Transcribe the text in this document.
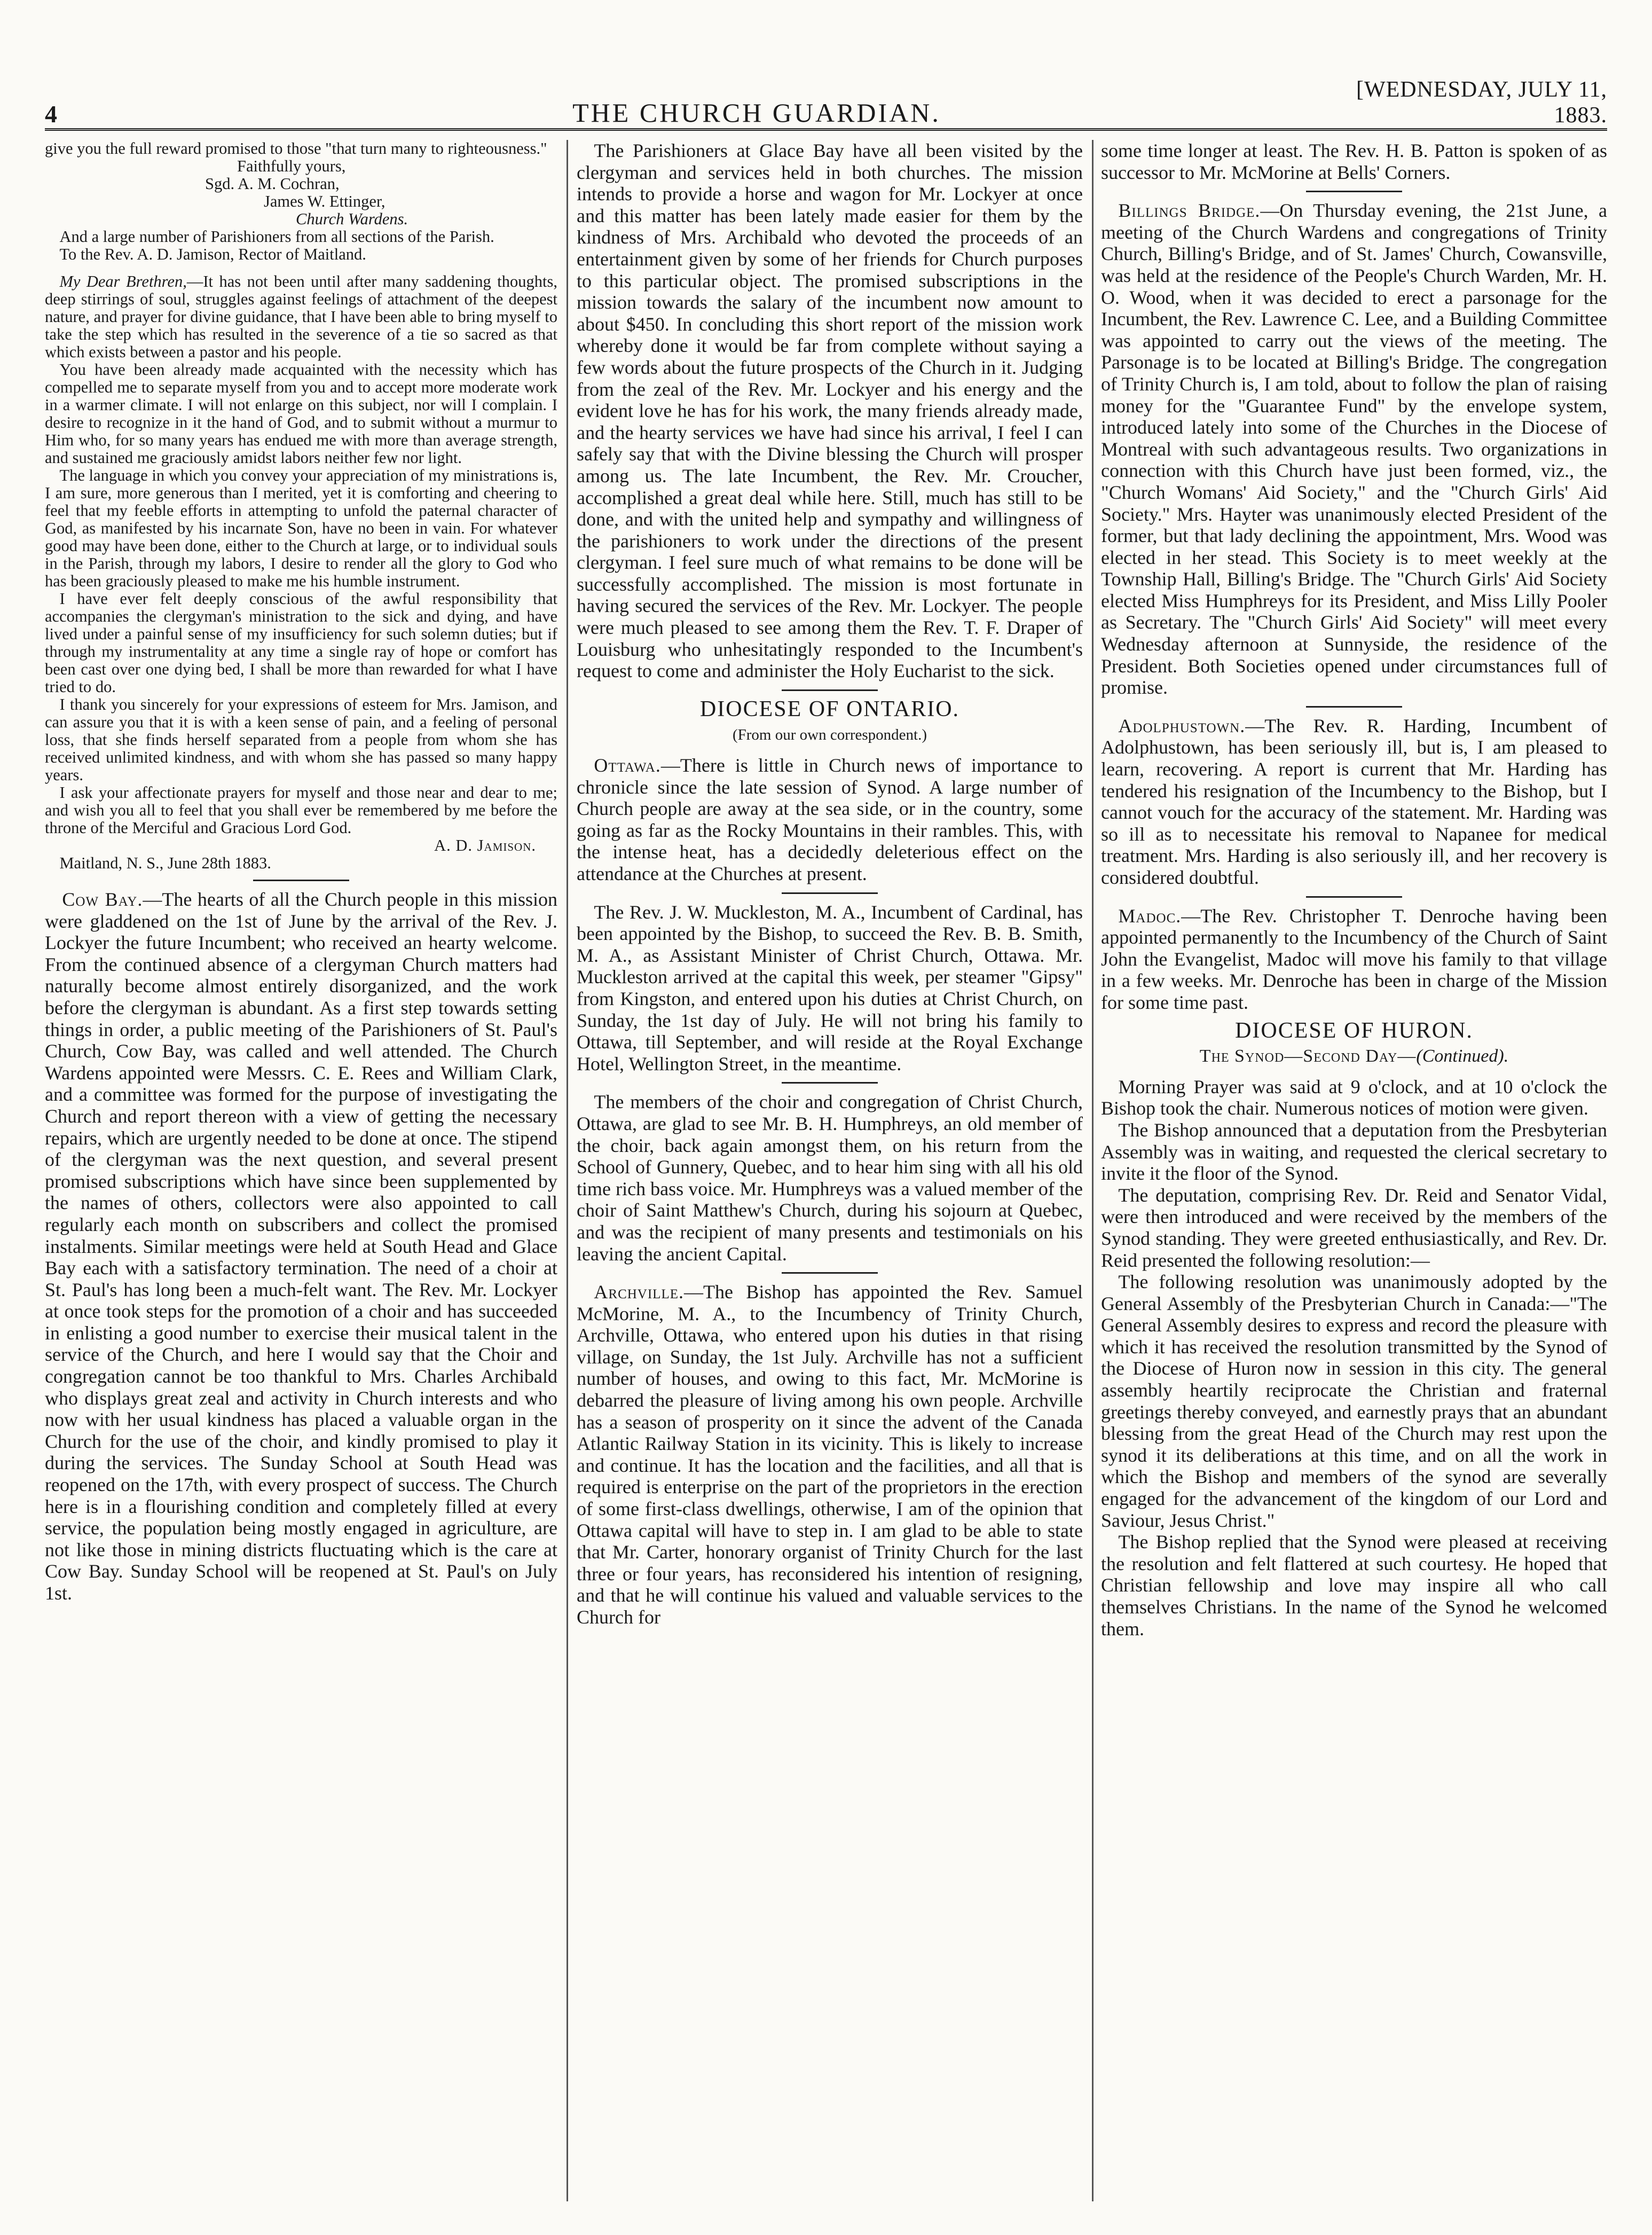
4	THE CHURCH GUARDIAN.
[WEDNESDAY, JULY 11, 1883.

give you the full reward promised to those "that turn many to righteousness."

Faithfully yours,

Sgd. A. M. Cochran,

James W. Ettinger,

Church Wardens.

And a large number of Parishioners from all sections of the Parish.

To the Rev. A. D. Jamison, Rector of Maitland.

My Dear Brethren,—It has not been until after many saddening thoughts, deep stirrings of soul, struggles against feelings of attachment of the deepest nature, and prayer for divine guidance, that I have been able to bring myself to take the step which has resulted in the severence of a tie so sacred as that which exists between a pastor and his people.

You have been already made acquainted with the necessity which has compelled me to separate myself from you and to accept more moderate work in a warmer climate. I will not enlarge on this subject, nor will I complain. I desire to recognize in it the hand of God, and to submit without a murmur to Him who, for so many years has endued me with more than average strength, and sustained me graciously amidst labors neither few nor light.

The language in which you convey your appreciation of my ministrations is, I am sure, more generous than I merited, yet it is comforting and cheering to feel that my feeble efforts in attempting to unfold the paternal character of God, as manifested by his incarnate Son, have no been in vain. For whatever good may have been done, either to the Church at large, or to individual souls in the Parish, through my labors, I desire to render all the glory to God who has been graciously pleased to make me his humble instrument.

I have ever felt deeply conscious of the awful responsibility that accompanies the clergyman's ministration to the sick and dying, and have lived under a painful sense of my insufficiency for such solemn duties; but if through my instrumentality at any time a single ray of hope or comfort has been cast over one dying bed, I shall be more than rewarded for what I have tried to do.

I thank you sincerely for your expressions of esteem for Mrs. Jamison, and can assure you that it is with a keen sense of pain, and a feeling of personal loss, that she finds herself separated from a people from whom she has received unlimited kindness, and with whom she has passed so many happy years.

I ask your affectionate prayers for myself and those near and dear to me; and wish you all to feel that you shall ever be remembered by me before the throne of the Merciful and Gracious Lord God.

A. D. Jamison.

Maitland, N. S., June 28th 1883.

Cow Bay.—The hearts of all the Church people in this mission were gladdened on the 1st of June by the arrival of the Rev. J. Lockyer the future Incumbent; who received an hearty welcome. From the continued absence of a clergyman Church matters had naturally become almost entirely disorganized, and the work before the clergyman is abundant. As a first step towards setting things in order, a public meeting of the Parishioners of St. Paul's Church, Cow Bay, was called and well attended. The Church Wardens appointed were Messrs. C. E. Rees and William Clark, and a committee was formed for the purpose of investigating the Church and report thereon with a view of getting the necessary repairs, which are urgently needed to be done at once. The stipend of the clergyman was the next question, and several present promised subscriptions which have since been supplemented by the names of others, collectors were also appointed to call regularly each month on subscribers and collect the promised instalments. Similar meetings were held at South Head and Glace Bay each with a satisfactory termination. The need of a choir at St. Paul's has long been a much-felt want. The Rev. Mr. Lockyer at once took steps for the promotion of a choir and has succeeded in enlisting a good number to exercise their musical talent in the service of the Church, and here I would say that the Choir and congregation cannot be too thankful to Mrs. Charles Archibald who displays great zeal and activity in Church interests and who now with her usual kindness has placed a valuable organ in the Church for the use of the choir, and kindly promised to play it during the services. The Sunday School at South Head was reopened on the 17th, with every prospect of success. The Church here is in a flourishing condition and completely filled at every service, the population being mostly engaged in agriculture, are not like those in mining districts fluctuating which is the care at Cow Bay. Sunday School will be reopened at St. Paul's on July 1st.

The Parishioners at Glace Bay have all been visited by the clergyman and services held in both churches. The mission intends to provide a horse and wagon for Mr. Lockyer at once and this matter has been lately made easier for them by the kindness of Mrs. Archibald who devoted the proceeds of an entertainment given by some of her friends for Church purposes to this particular object. The promised subscriptions in the mission towards the salary of the incumbent now amount to about $450. In concluding this short report of the mission work whereby done it would be far from complete without saying a few words about the future prospects of the Church in it. Judging from the zeal of the Rev. Mr. Lockyer and his energy and the evident love he has for his work, the many friends already made, and the hearty services we have had since his arrival, I feel I can safely say that with the Divine blessing the Church will prosper among us. The late Incumbent, the Rev. Mr. Croucher, accomplished a great deal while here. Still, much has still to be done, and with the united help and sympathy and willingness of the parishioners to work under the directions of the present clergyman. I feel sure much of what remains to be done will be successfully accomplished. The mission is most fortunate in having secured the services of the Rev. Mr. Lockyer. The people were much pleased to see among them the Rev. T. F. Draper of Louisburg who unhesitatingly responded to the Incumbent's request to come and administer the Holy Eucharist to the sick.

DIOCESE OF ONTARIO.
(From our own correspondent.)

Ottawa.—There is little in Church news of importance to chronicle since the late session of Synod. A large number of Church people are away at the sea side, or in the country, some going as far as the Rocky Mountains in their rambles. This, with the intense heat, has a decidedly deleterious effect on the attendance at the Churches at present.

The Rev. J. W. Muckleston, M. A., Incumbent of Cardinal, has been appointed by the Bishop, to succeed the Rev. B. B. Smith, M. A., as Assistant Minister of Christ Church, Ottawa. Mr. Muckleston arrived at the capital this week, per steamer "Gipsy" from Kingston, and entered upon his duties at Christ Church, on Sunday, the 1st day of July. He will not bring his family to Ottawa, till September, and will reside at the Royal Exchange Hotel, Wellington Street, in the meantime.

The members of the choir and congregation of Christ Church, Ottawa, are glad to see Mr. B. H. Humphreys, an old member of the choir, back again amongst them, on his return from the School of Gunnery, Quebec, and to hear him sing with all his old time rich bass voice. Mr. Humphreys was a valued member of the choir of Saint Matthew's Church, during his sojourn at Quebec, and was the recipient of many presents and testimonials on his leaving the ancient Capital.

Archville.—The Bishop has appointed the Rev. Samuel McMorine, M. A., to the Incumbency of Trinity Church, Archville, Ottawa, who entered upon his duties in that rising village, on Sunday, the 1st July. Archville has not a sufficient number of houses, and owing to this fact, Mr. McMorine is debarred the pleasure of living among his own people. Archville has a season of prosperity on it since the advent of the Canada Atlantic Railway Station in its vicinity. This is likely to increase and continue. It has the location and the facilities, and all that is required is enterprise on the part of the proprietors in the erection of some first-class dwellings, otherwise, I am of the opinion that Ottawa capital will have to step in. I am glad to be able to state that Mr. Carter, honorary organist of Trinity Church for the last three or four years, has reconsidered his intention of resigning, and that he will continue his valued and valuable services to the Church for

some time longer at least. The Rev. H. B. Patton is spoken of as successor to Mr. McMorine at Bells' Corners.

Billings Bridge.—On Thursday evening, the 21st June, a meeting of the Church Wardens and congregations of Trinity Church, Billing's Bridge, and of St. James' Church, Cowansville, was held at the residence of the People's Church Warden, Mr. H. O. Wood, when it was decided to erect a parsonage for the Incumbent, the Rev. Lawrence C. Lee, and a Building Committee was appointed to carry out the views of the meeting. The Parsonage is to be located at Billing's Bridge. The congregation of Trinity Church is, I am told, about to follow the plan of raising money for the "Guarantee Fund" by the envelope system, introduced lately into some of the Churches in the Diocese of Montreal with such advantageous results. Two organizations in connection with this Church have just been formed, viz., the "Church Womans' Aid Society," and the "Church Girls' Aid Society." Mrs. Hayter was unanimously elected President of the former, but that lady declining the appointment, Mrs. Wood was elected in her stead. This Society is to meet weekly at the Township Hall, Billing's Bridge. The "Church Girls' Aid Society elected Miss Humphreys for its President, and Miss Lilly Pooler as Secretary. The "Church Girls' Aid Society" will meet every Wednesday afternoon at Sunnyside, the residence of the President. Both Societies opened under circumstances full of promise.

Adolphustown.—The Rev. R. Harding, Incumbent of Adolphustown, has been seriously ill, but is, I am pleased to learn, recovering. A report is current that Mr. Harding has tendered his resignation of the Incumbency to the Bishop, but I cannot vouch for the accuracy of the statement. Mr. Harding was so ill as to necessitate his removal to Napanee for medical treatment. Mrs. Harding is also seriously ill, and her recovery is considered doubtful.

Madoc.—The Rev. Christopher T. Denroche having been appointed permanently to the Incumbency of the Church of Saint John the Evangelist, Madoc will move his family to that village in a few weeks. Mr. Denroche has been in charge of the Mission for some time past.

DIOCESE OF HURON.
The Synod—Second Day—(Continued).

Morning Prayer was said at 9 o'clock, and at 10 o'clock the Bishop took the chair. Numerous notices of motion were given.

The Bishop announced that a deputation from the Presbyterian Assembly was in waiting, and requested the clerical secretary to invite it the floor of the Synod.

The deputation, comprising Rev. Dr. Reid and Senator Vidal, were then introduced and were received by the members of the Synod standing. They were greeted enthusiastically, and Rev. Dr. Reid presented the following resolution:—

The following resolution was unanimously adopted by the General Assembly of the Presbyterian Church in Canada:—"The General Assembly desires to express and record the pleasure with which it has received the resolution transmitted by the Synod of the Diocese of Huron now in session in this city. The general assembly heartily reciprocate the Christian and fraternal greetings thereby conveyed, and earnestly prays that an abundant blessing from the great Head of the Church may rest upon the synod it its deliberations at this time, and on all the work in which the Bishop and members of the synod are severally engaged for the advancement of the kingdom of our Lord and Saviour, Jesus Christ."

The Bishop replied that the Synod were pleased at receiving the resolution and felt flattered at such courtesy. He hoped that Christian fellowship and love may inspire all who call themselves Christians. In the name of the Synod he welcomed them.
